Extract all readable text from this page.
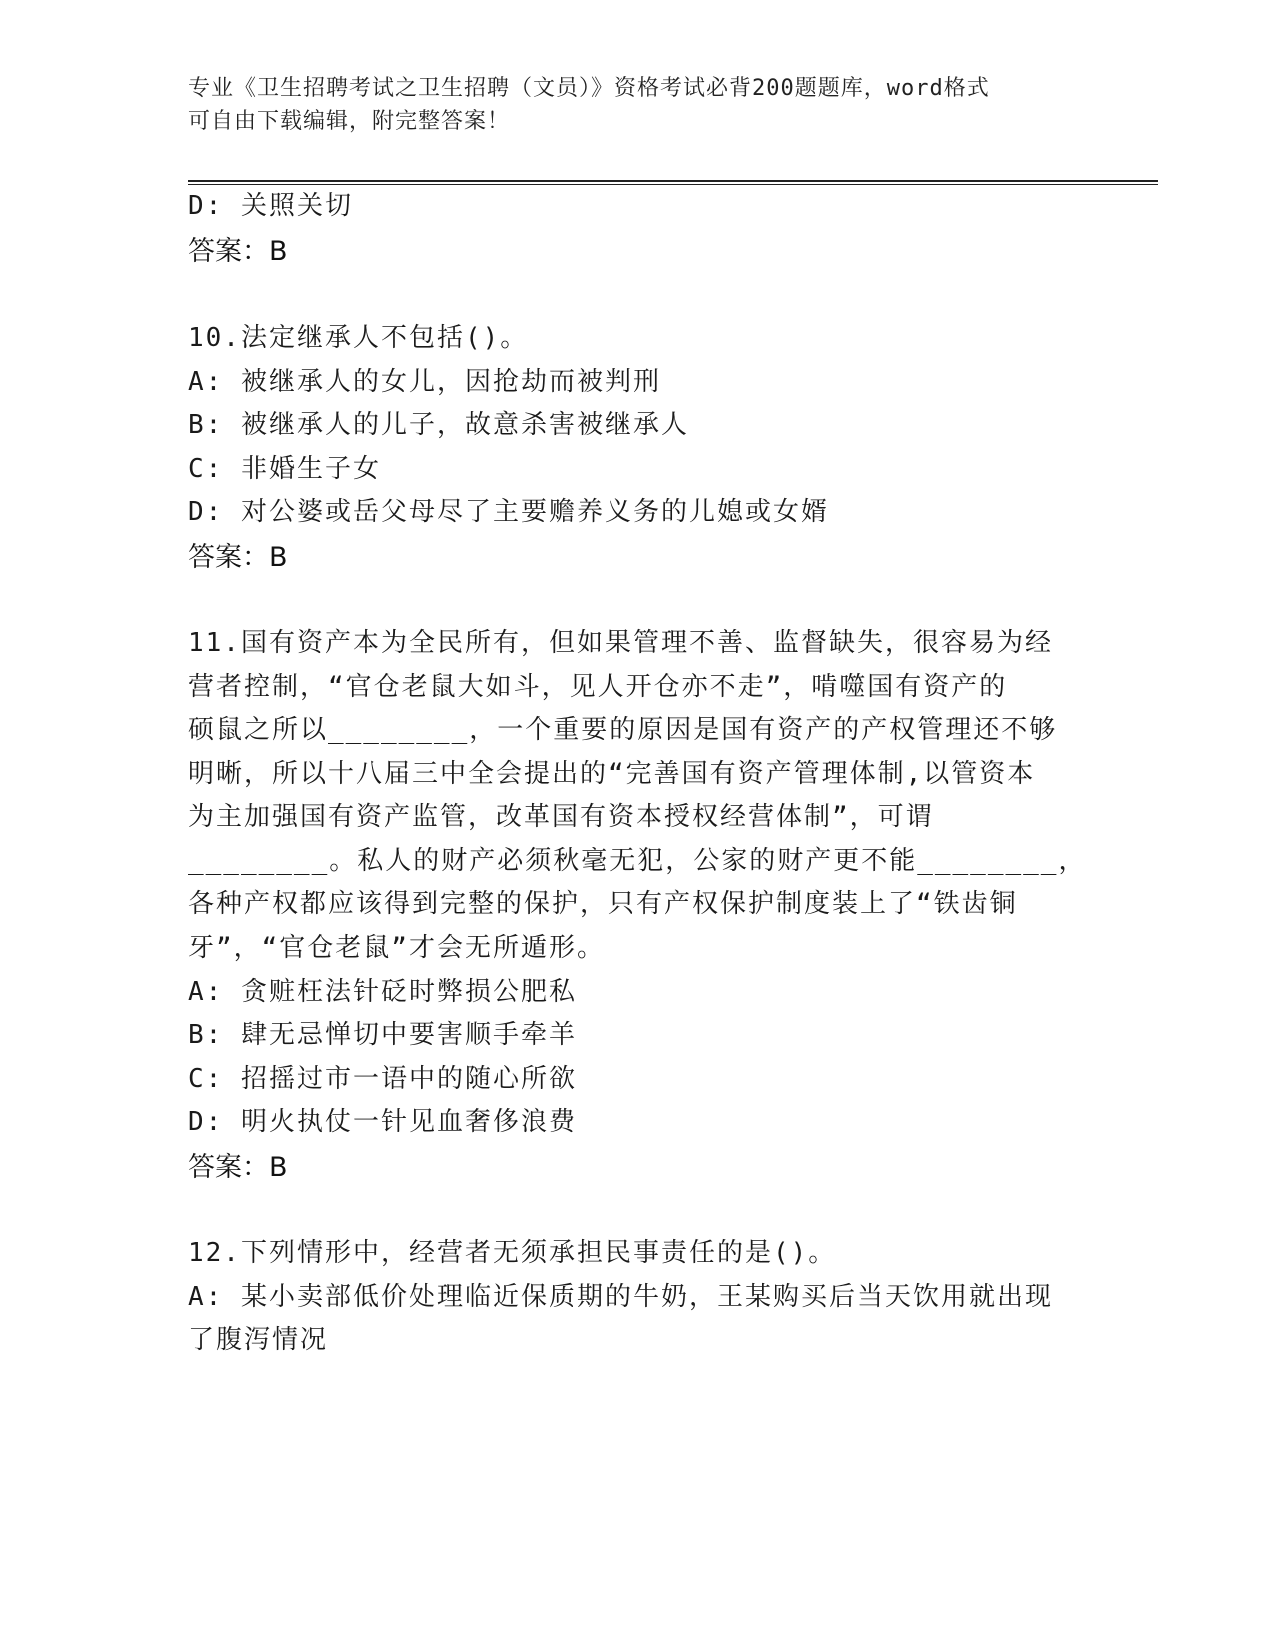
专业《卫生招聘考试之卫生招聘（文员）》资格考试必背200题题库，word格式
可自由下载编辑，附完整答案！
D: 关照关切
答案：B
10.法定继承人不包括()。
A: 被继承人的女儿，因抢劫而被判刑
B: 被继承人的儿子，故意杀害被继承人
C: 非婚生子女
D: 对公婆或岳父母尽了主要赡养义务的儿媳或女婿
答案：B
11.国有资产本为全民所有，但如果管理不善、监督缺失，很容易为经
营者控制，“官仓老鼠大如斗，见人开仓亦不走”，啃噬国有资产的
硕鼠之所以________，一个重要的原因是国有资产的产权管理还不够
明晰，所以十八届三中全会提出的“完善国有资产管理体制,以管资本
为主加强国有资产监管，改革国有资本授权经营体制”，可谓
________。私人的财产必须秋毫无犯，公家的财产更不能________，
各种产权都应该得到完整的保护，只有产权保护制度装上了“铁齿铜
牙”，“官仓老鼠”才会无所遁形。
A: 贪赃枉法针砭时弊损公肥私
B: 肆无忌惮切中要害顺手牵羊
C: 招摇过市一语中的随心所欲
D: 明火执仗一针见血奢侈浪费
答案：B
12.下列情形中，经营者无须承担民事责任的是()。
A: 某小卖部低价处理临近保质期的牛奶，王某购买后当天饮用就出现
了腹泻情况
